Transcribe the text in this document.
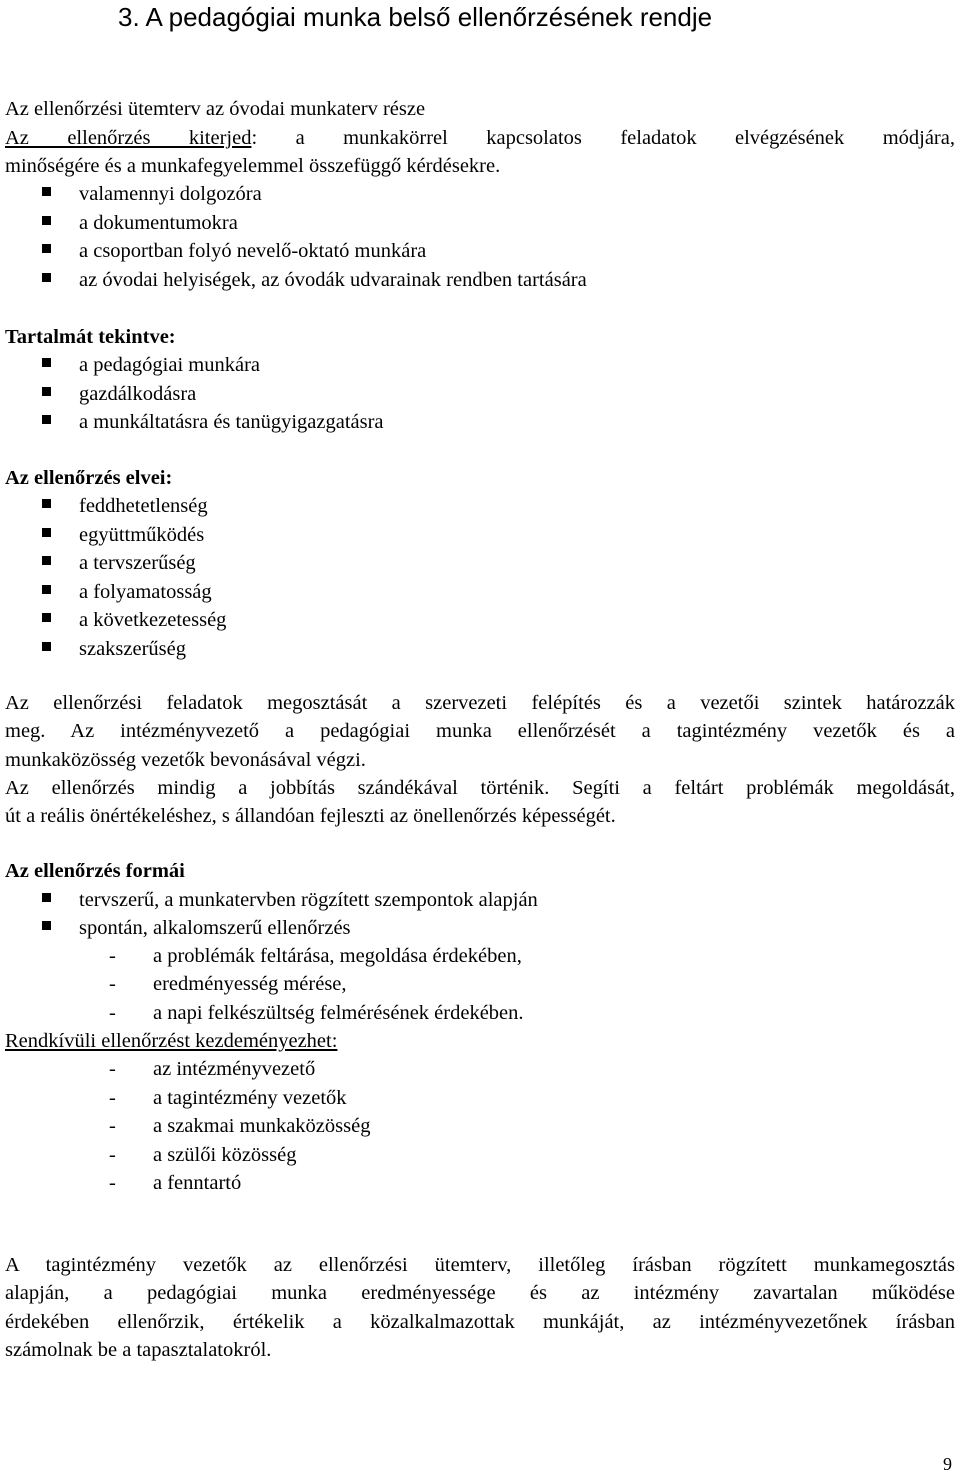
3. A pedagógiai munka belső ellenőrzésének rendje
Az ellenőrzési ütemterv az óvodai munkaterv része
Az ellenőrzés kiterjed: a munkakörrel kapcsolatos feladatok elvégzésének módjára,
minőségére és a munkafegyelemmel összefüggő kérdésekre.
valamennyi dolgozóra
a dokumentumokra
a csoportban folyó nevelő-oktató munkára
az óvodai helyiségek, az óvodák udvarainak rendben tartására
Tartalmát tekintve:
a pedagógiai munkára
gazdálkodásra
a munkáltatásra és tanügyigazgatásra
Az ellenőrzés elvei:
feddhetetlenség
együttműködés
a tervszerűség
a folyamatosság
a következetesség
szakszerűség
Az ellenőrzési feladatok megosztását a szervezeti felépítés és a vezetői szintek határozzák
meg. Az intézményvezető a pedagógiai munka ellenőrzését a tagintézmény vezetők és a
munkaközösség vezetők bevonásával végzi.
Az ellenőrzés mindig a jobbítás szándékával történik. Segíti a feltárt problémák megoldását,
út a reális önértékeléshez, s állandóan fejleszti az önellenőrzés képességét.
Az ellenőrzés formái
tervszerű, a munkatervben rögzített szempontok alapján
spontán, alkalomszerű ellenőrzés
- a problémák feltárása, megoldása érdekében,
- eredményesség mérése,
- a napi felkészültség felmérésének érdekében.
Rendkívüli ellenőrzést kezdeményezhet:
- az intézményvezető
- a tagintézmény vezetők
- a szakmai munkaközösség
- a szülői közösség
- a fenntartó
A tagintézmény vezetők az ellenőrzési ütemterv, illetőleg írásban rögzített munkamegosztás
alapján, a pedagógiai munka eredményessége és az intézmény zavartalan működése
érdekében ellenőrzik, értékelik a közalkalmazottak munkáját, az intézményvezetőnek írásban
számolnak be a tapasztalatokról.
9
